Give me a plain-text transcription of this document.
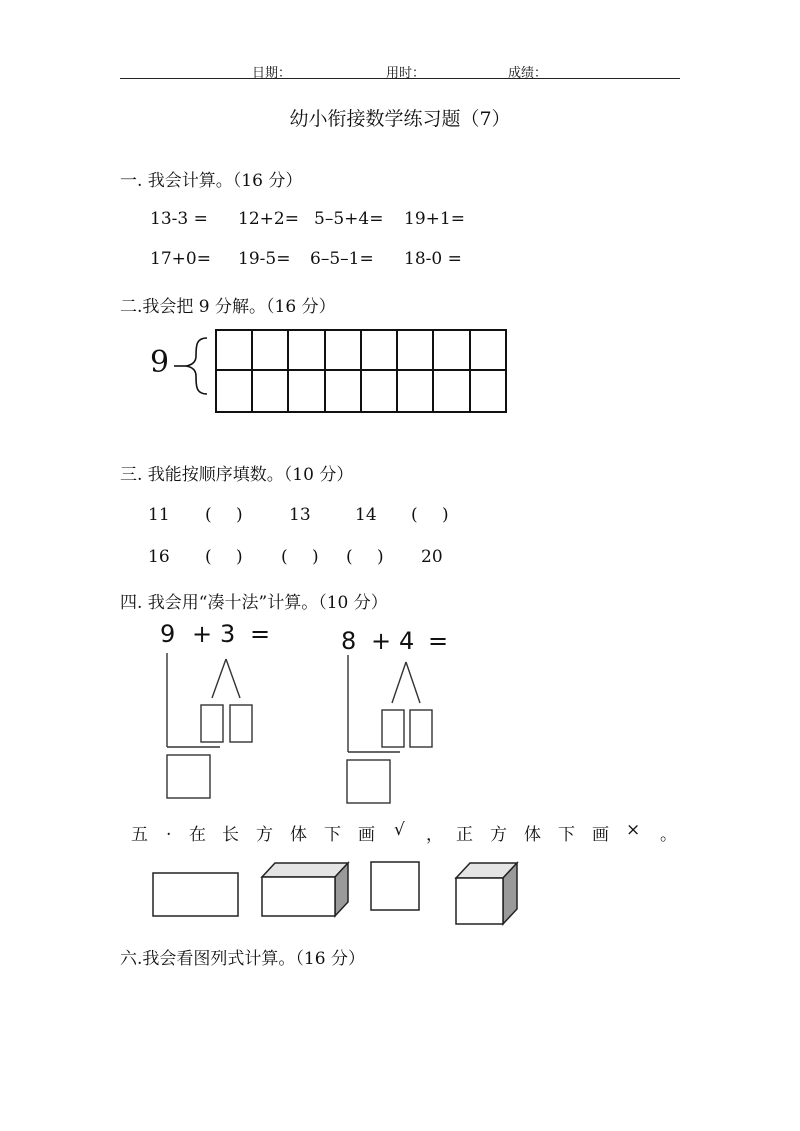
日期：	用时：	成绩：
幼小衔接数学练习题（7）
一. 我会计算。（16 分）
13-3 = 12+2= 5–5+4= 19+1=
17+0= 19-5= 6–5–1= 18-0 =
二.我会把 9 分解。（16 分）
9
三. 我能按顺序填数。（10 分）
11 ( )	13	14 ( )
16 ( ) ( ) ( ) 20
四. 我会用“凑十法”计算。（10 分）
9 + 3 =	8 + 4 =
五 . 在 长 方 体 下 画 √ ， 正 方 体 下 画 × 。
六.我会看图列式计算。（16 分）
